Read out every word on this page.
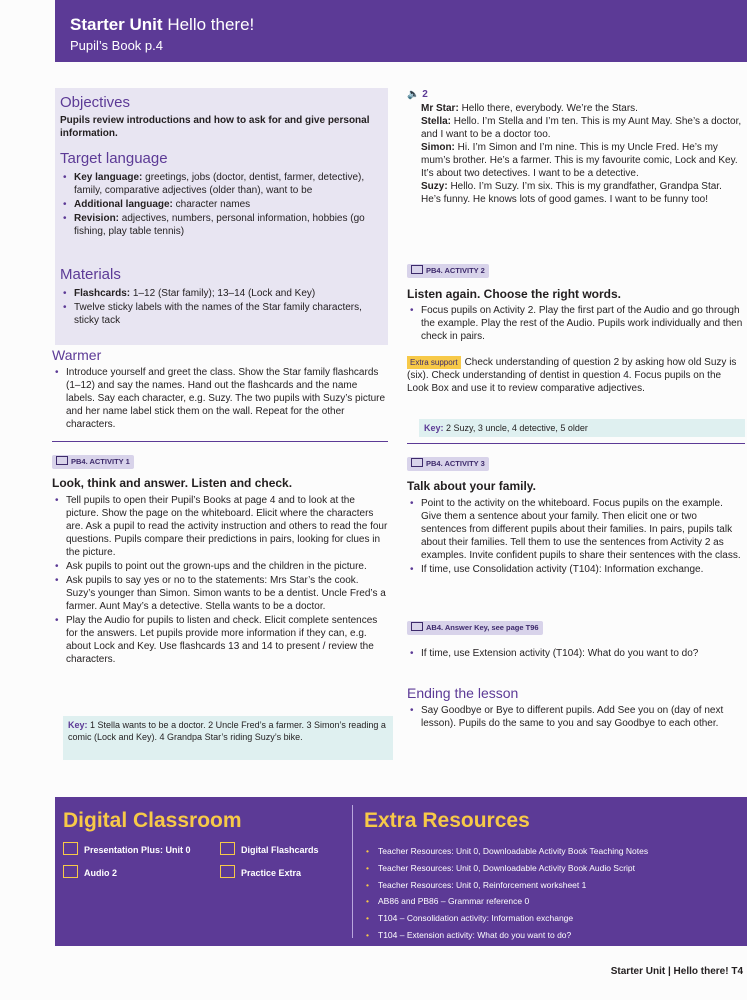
Starter Unit Hello there!
Pupil’s Book p.4
Objectives
Pupils review introductions and how to ask for and give personal information.
Target language
• Key language: greetings, jobs (doctor, dentist, farmer, detective), family, comparative adjectives (older than), want to be
• Additional language: character names
• Revision: adjectives, numbers, personal information, hobbies (go fishing, play table tennis)
Materials
• Flashcards: 1–12 (Star family); 13–14 (Lock and Key)
• Twelve sticky labels with the names of the Star family characters, sticky tack
Warmer
• Introduce yourself and greet the class. Show the Star family flashcards (1–12) and say the names. Hand out the flashcards and the name labels. Say each character, e.g. Suzy. The two pupils with Suzy’s picture and her name label stick them on the wall. Repeat for the other characters.
PB4. ACTIVITY 1
Look, think and answer. Listen and check.
• Tell pupils to open their Pupil’s Books at page 4 and to look at the picture. Show the page on the whiteboard. Elicit where the characters are. Ask a pupil to read the activity instruction and others to read the four questions. Pupils compare their predictions in pairs, looking for clues in the picture.
• Ask pupils to point out the grown-ups and the children in the picture.
• Ask pupils to say yes or no to the statements: Mrs Star’s the cook. Suzy’s younger than Simon. Simon wants to be a dentist. Uncle Fred’s a farmer. Aunt May’s a detective. Stella wants to be a doctor.
• Play the Audio for pupils to listen and check. Elicit complete sentences for the answers. Let pupils provide more information if they can, e.g. about Lock and Key. Use flashcards 13 and 14 to present / review the characters.
Key: 1 Stella wants to be a doctor. 2 Uncle Fred’s a farmer. 3 Simon’s reading a comic (Lock and Key). 4 Grandpa Star’s riding Suzy’s bike.
🔈 2
Mr Star: Hello there, everybody. We’re the Stars.
Stella: Hello. I’m Stella and I’m ten. This is my Aunt May. She’s a doctor, and I want to be a doctor too.
Simon: Hi. I’m Simon and I’m nine. This is my Uncle Fred. He’s my mum’s brother. He’s a farmer. This is my favourite comic, Lock and Key. It’s about two detectives. I want to be a detective.
Suzy: Hello. I’m Suzy. I’m six. This is my grandfather, Grandpa Star. He’s funny. He knows lots of good games. I want to be funny too!
PB4. ACTIVITY 2
Listen again. Choose the right words.
• Focus pupils on Activity 2. Play the first part of the Audio and go through the example. Play the rest of the Audio. Pupils work individually and then check in pairs.
Extra support Check understanding of question 2 by asking how old Suzy is (six). Check understanding of dentist in question 4. Focus pupils on the Look Box and use it to review comparative adjectives.
Key: 2 Suzy, 3 uncle, 4 detective, 5 older
PB4. ACTIVITY 3
Talk about your family.
• Point to the activity on the whiteboard. Focus pupils on the example. Give them a sentence about your family. Then elicit one or two sentences from different pupils about their families. In pairs, pupils talk about their families. Tell them to use the sentences from Activity 2 as examples. Invite confident pupils to share their sentences with the class.
• If time, use Consolidation activity (T104): Information exchange.
AB4. Answer Key, see page T96
• If time, use Extension activity (T104): What do you want to do?
Ending the lesson
• Say Goodbye or Bye to different pupils. Add See you on (day of next lesson). Pupils do the same to you and say Goodbye to each other.
Digital Classroom
Presentation Plus: Unit 0	Digital Flashcards
Audio 2	Practice Extra
Extra Resources
• Teacher Resources: Unit 0, Downloadable Activity Book Teaching Notes
• Teacher Resources: Unit 0, Downloadable Activity Book Audio Script
• Teacher Resources: Unit 0, Reinforcement worksheet 1
• AB86 and PB86 – Grammar reference 0
• T104 – Consolidation activity: Information exchange
• T104 – Extension activity: What do you want to do?
Starter Unit | Hello there! T4
